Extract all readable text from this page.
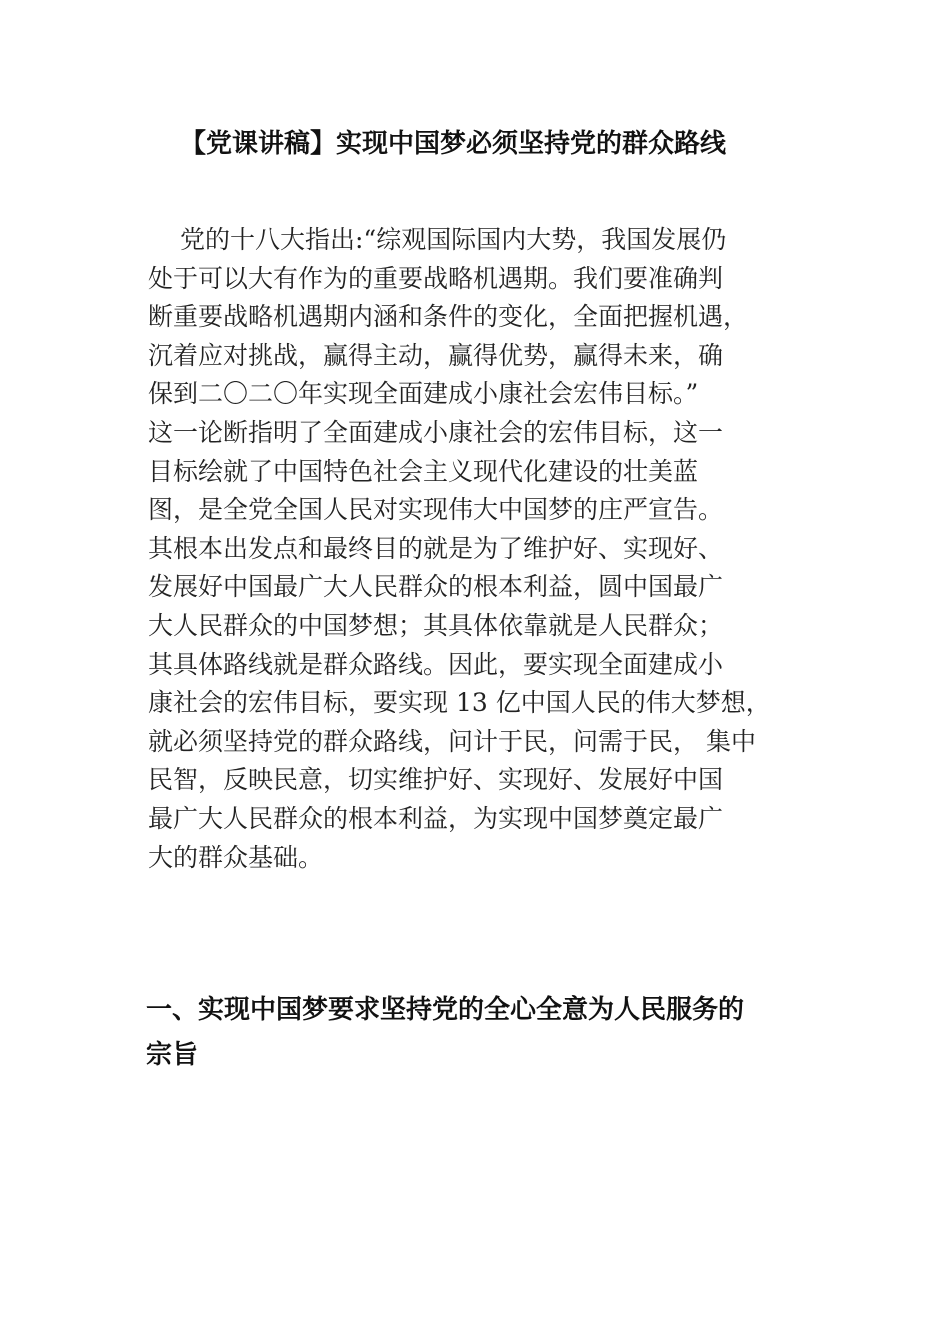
【党课讲稿】实现中国梦必须坚持党的群众路线
党的十八大指出:“综观国际国内大势，我国发展仍
处于可以大有作为的重要战略机遇期。我们要准确判
断重要战略机遇期内涵和条件的变化，全面把握机遇，
沉着应对挑战，赢得主动，赢得优势，赢得未来，确
保到二〇二〇年实现全面建成小康社会宏伟目标。”
这一论断指明了全面建成小康社会的宏伟目标，这一
目标绘就了中国特色社会主义现代化建设的壮美蓝
图，是全党全国人民对实现伟大中国梦的庄严宣告。
其根本出发点和最终目的就是为了维护好、实现好、
发展好中国最广大人民群众的根本利益，圆中国最广
大人民群众的中国梦想；其具体依靠就是人民群众；
其具体路线就是群众路线。因此，要实现全面建成小
康社会的宏伟目标，要实现 13 亿中国人民的伟大梦想，
就必须坚持党的群众路线，问计于民，问需于民， 集中
民智，反映民意，切实维护好、实现好、发展好中国
最广大人民群众的根本利益，为实现中国梦奠定最广
大的群众基础。
一、实现中国梦要求坚持党的全心全意为人民服务的
宗旨
